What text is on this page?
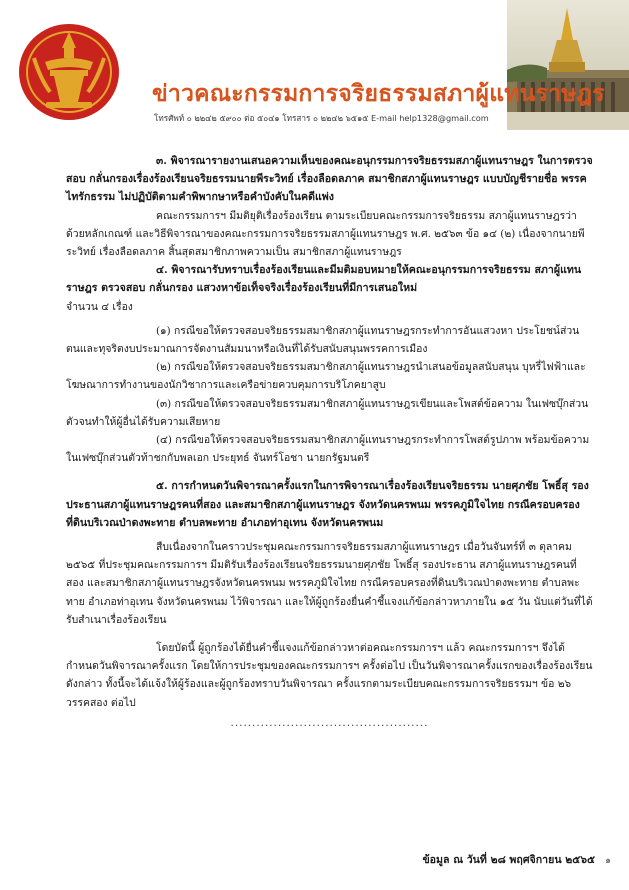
ข่าวคณะกรรมการจริยธรรมสภาผู้แทนราษฎร
โทรศัพท์ ๐ ๒๒๔๒ ๕๙๐๐ ต่อ ๕๐๔๑ โทรสาร ๐ ๒๒๔๒ ๖๕๑๕ E-mail help1328@gmail.com

๓. พิจารณารายงานเสนอความเห็นของคณะอนุกรรมการจริยธรรมสภาผู้แทนราษฎร ในการตรวจสอบ กลั่นกรองเรื่องร้องเรียนจริยธรรมนายพีระวิทย์ เรื่องลือดลภาค สมาชิกสภาผู้แทนราษฎร แบบบัญชีรายชื่อ พรรคไทรักธรรม ไม่ปฏิบัติตามคำพิพากษาหรือคำบังคับในคดีแพ่ง

คณะกรรมการฯ มีมติยุติเรื่องร้องเรียน ตามระเบียบคณะกรรมการจริยธรรม สภาผู้แทนราษฎรว่าด้วยหลักเกณฑ์ และวิธีพิจารณาของคณะกรรมการจริยธรรมสภาผู้แทนราษฎร พ.ศ. ๒๕๖๓ ข้อ ๑๔ (๒) เนื่องจากนายพีระวิทย์ เรื่องลือดลภาค สิ้นสุดสมาชิกภาพความเป็น สมาชิกสภาผู้แทนราษฎร

๔. พิจารณารับทราบเรื่องร้องเรียนและมีมติมอบหมายให้คณะอนุกรรมการจริยธรรม สภาผู้แทนราษฎร ตรวจสอบ กลั่นกรอง แสวงหาข้อเท็จจริงเรื่องร้องเรียนที่มีการเสนอใหม่

จำนวน ๔ เรื่อง

(๑) กรณีขอให้ตรวจสอบจริยธรรมสมาชิกสภาผู้แทนราษฎรกระทำการอันแสวงหา ประโยชน์ส่วนตนและทุจริตงบประมาณการจัดงานสัมมนาหรือเงินที่ได้รับสนับสนุนพรรคการเมือง

(๒) กรณีขอให้ตรวจสอบจริยธรรมสมาชิกสภาผู้แทนราษฎรนำเสนอข้อมูลสนับสนุน บุหรี่ไฟฟ้าและโฆษณาการทำงานของนักวิชาการและเครือข่ายควบคุมการบริโภคยาสูบ

(๓) กรณีขอให้ตรวจสอบจริยธรรมสมาชิกสภาผู้แทนราษฎรเขียนและโพสต์ข้อความ ในเฟซบุ๊กส่วนตัวจนทำให้ผู้อื่นได้รับความเสียหาย

(๔) กรณีขอให้ตรวจสอบจริยธรรมสมาชิกสภาผู้แทนราษฎรกระทำการโพสต์รูปภาพ พร้อมข้อความในเฟซบุ๊กส่วนตัวท้าชกกับพลเอก ประยุทธ์ จันทร์โอชา นายกรัฐมนตรี

๕. การกำหนดวันพิจารณาครั้งแรกในการพิจารณาเรื่องร้องเรียนจริยธรรม นายศุภชัย โพธิ์สุ รองประธานสภาผู้แทนราษฎรคนที่สอง และสมาชิกสภาผู้แทนราษฎร จังหวัดนครพนม พรรคภูมิใจไทย กรณีครอบครองที่ดินบริเวณป่าดงพะทาย ตำบลพะทาย อำเภอท่าอุเทน จังหวัดนครพนม

สืบเนื่องจากในคราวประชุมคณะกรรมการจริยธรรมสภาผู้แทนราษฎร เมื่อวันจันทร์ที่ ๓ ตุลาคม ๒๕๖๕ ที่ประชุมคณะกรรมการฯ มีมติรับเรื่องร้องเรียนจริยธรรมนายศุภชัย โพธิ์สุ รองประธาน สภาผู้แทนราษฎรคนที่สอง และสมาชิกสภาผู้แทนราษฎรจังหวัดนครพนม พรรคภูมิใจไทย กรณีครอบครองที่ดินบริเวณป่าดงพะทาย ตำบลพะทาย อำเภอท่าอุเทน จังหวัดนครพนม ไว้พิจารณา และให้ผู้ถูกร้องยื่นคำชี้แจงแก้ข้อกล่าวหาภายใน ๑๕ วัน นับแต่วันที่ได้รับสำเนาเรื่องร้องเรียน

โดยบัดนี้ ผู้ถูกร้องได้ยื่นคำชี้แจงแก้ข้อกล่าวหาต่อคณะกรรมการฯ แล้ว คณะกรรมการฯ จึงได้กำหนดวันพิจารณาครั้งแรก โดยให้การประชุมของคณะกรรมการฯ ครั้งต่อไป เป็นวันพิจารณาครั้งแรกของเรื่องร้องเรียนดังกล่าว ทั้งนี้จะได้แจ้งให้ผู้ร้องและผู้ถูกร้องทราบวันพิจารณา ครั้งแรกตามระเบียบคณะกรรมการจริยธรรมฯ ข้อ ๒๖ วรรคสอง ต่อไป

..............................................
ข้อมูล ณ วันที่ ๒๘ พฤศจิกายน ๒๕๖๕ ๑
